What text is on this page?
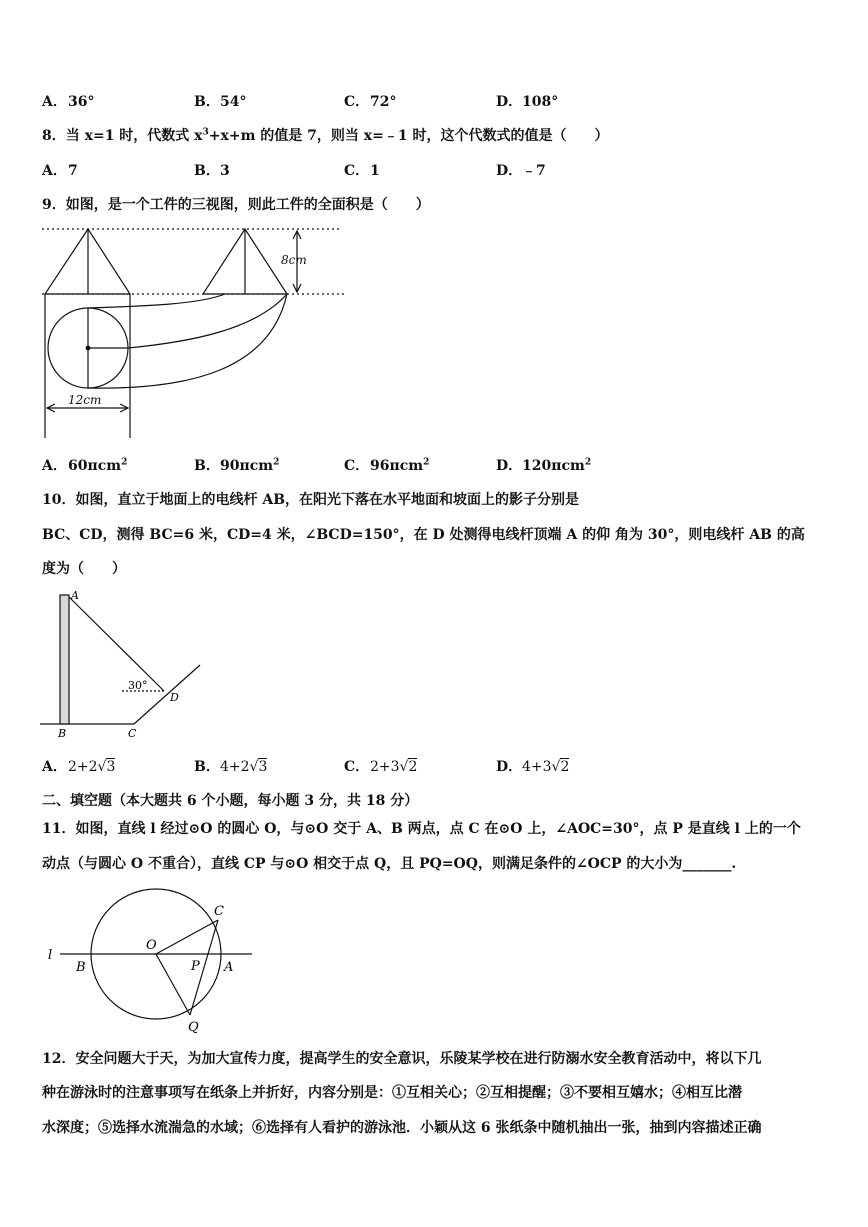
A．36°	B．54°	C．72°	D．108°
8．当 x=1 时，代数式 $x^3+x+m$ 的值是 7，则当 x=﹣1 时，这个代数式的值是（　　）
A．7	B．3	C．1	D．﹣7
9．如图，是一个工件的三视图，则此工件的全面积是（　　）
8cm
12cm
A．60πcm$^2$	B．90πcm$^2$	C．96πcm$^2$	D．120πcm$^2$
10．如图，直立于地面上的电线杆 AB，在阳光下落在水平地面和坡面上的影子分别是
BC、CD，测得 BC=6 米，CD=4 米，∠BCD=150°，在 D 处测得电线杆顶端 A 的仰 角为 30°，则电线杆 AB 的高
度为（　　）
A
B	C
D
30°
A．2+2√3	B．4+2√3	C．2+3√2	D．4+3√2
二、填空题（本大题共 6 个小题，每小题 3 分，共 18 分）
11．如图，直线 l 经过⊙O 的圆心 O，与⊙O 交于 A、B 两点，点 C 在⊙O 上，∠AOC=30°，点 P 是直线 l 上的一个
动点（与圆心 O 不重合），直线 CP 与⊙O 相交于点 Q，且 PQ=OQ，则满足条件的∠OCP 的大小为_______.
l
B
O
P A
C
Q
12．安全问题大于天，为加大宣传力度，提高学生的安全意识，乐陵某学校在进行防溺水安全教育活动中，将以下几
种在游泳时的注意事项写在纸条上并折好，内容分别是：①互相关心；②互相提醒；③不要相互嬉水；④相互比潜
水深度；⑤选择水流湍急的水域；⑥选择有人看护的游泳池．小颖从这 6 张纸条中随机抽出一张，抽到内容描述正确
